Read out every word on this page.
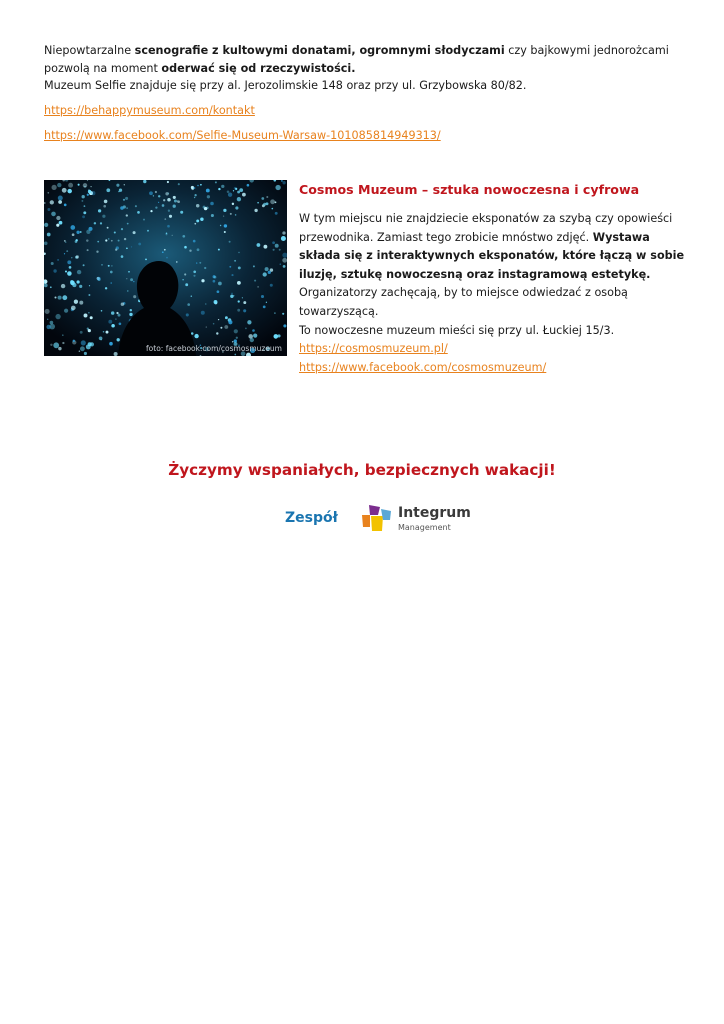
Niepowtarzalne scenografie z kultowymi donatami, ogromnymi słodyczami czy bajkowymi jednorożcami pozwolą na moment oderwać się od rzeczywistości.
Muzeum Selfie znajduje się przy al. Jerozolimskie 148 oraz przy ul. Grzybowska 80/82.
https://behappymuseum.com/kontakt
https://www.facebook.com/Selfie-Museum-Warsaw-101085814949313/
foto: facebook.com/cosmosmuzeum
Cosmos Muzeum – sztuka nowoczesna i cyfrowa
W tym miejscu nie znajdziecie eksponatów za szybą czy opowieści przewodnika. Zamiast tego zrobicie mnóstwo zdjęć. Wystawa składa się z interaktywnych eksponatów, które łączą w sobie iluzję, sztukę nowoczesną oraz instagramową estetykę. Organizatorzy zachęcają, by to miejsce odwiedzać z osobą towarzyszącą.
To nowoczesne muzeum mieści się przy ul. Łuckiej 15/3.
https://cosmosmuzeum.pl/
https://www.facebook.com/cosmosmuzeum/
Życzymy wspaniałych, bezpiecznych wakacji!
Zespół	Integrum
Management
